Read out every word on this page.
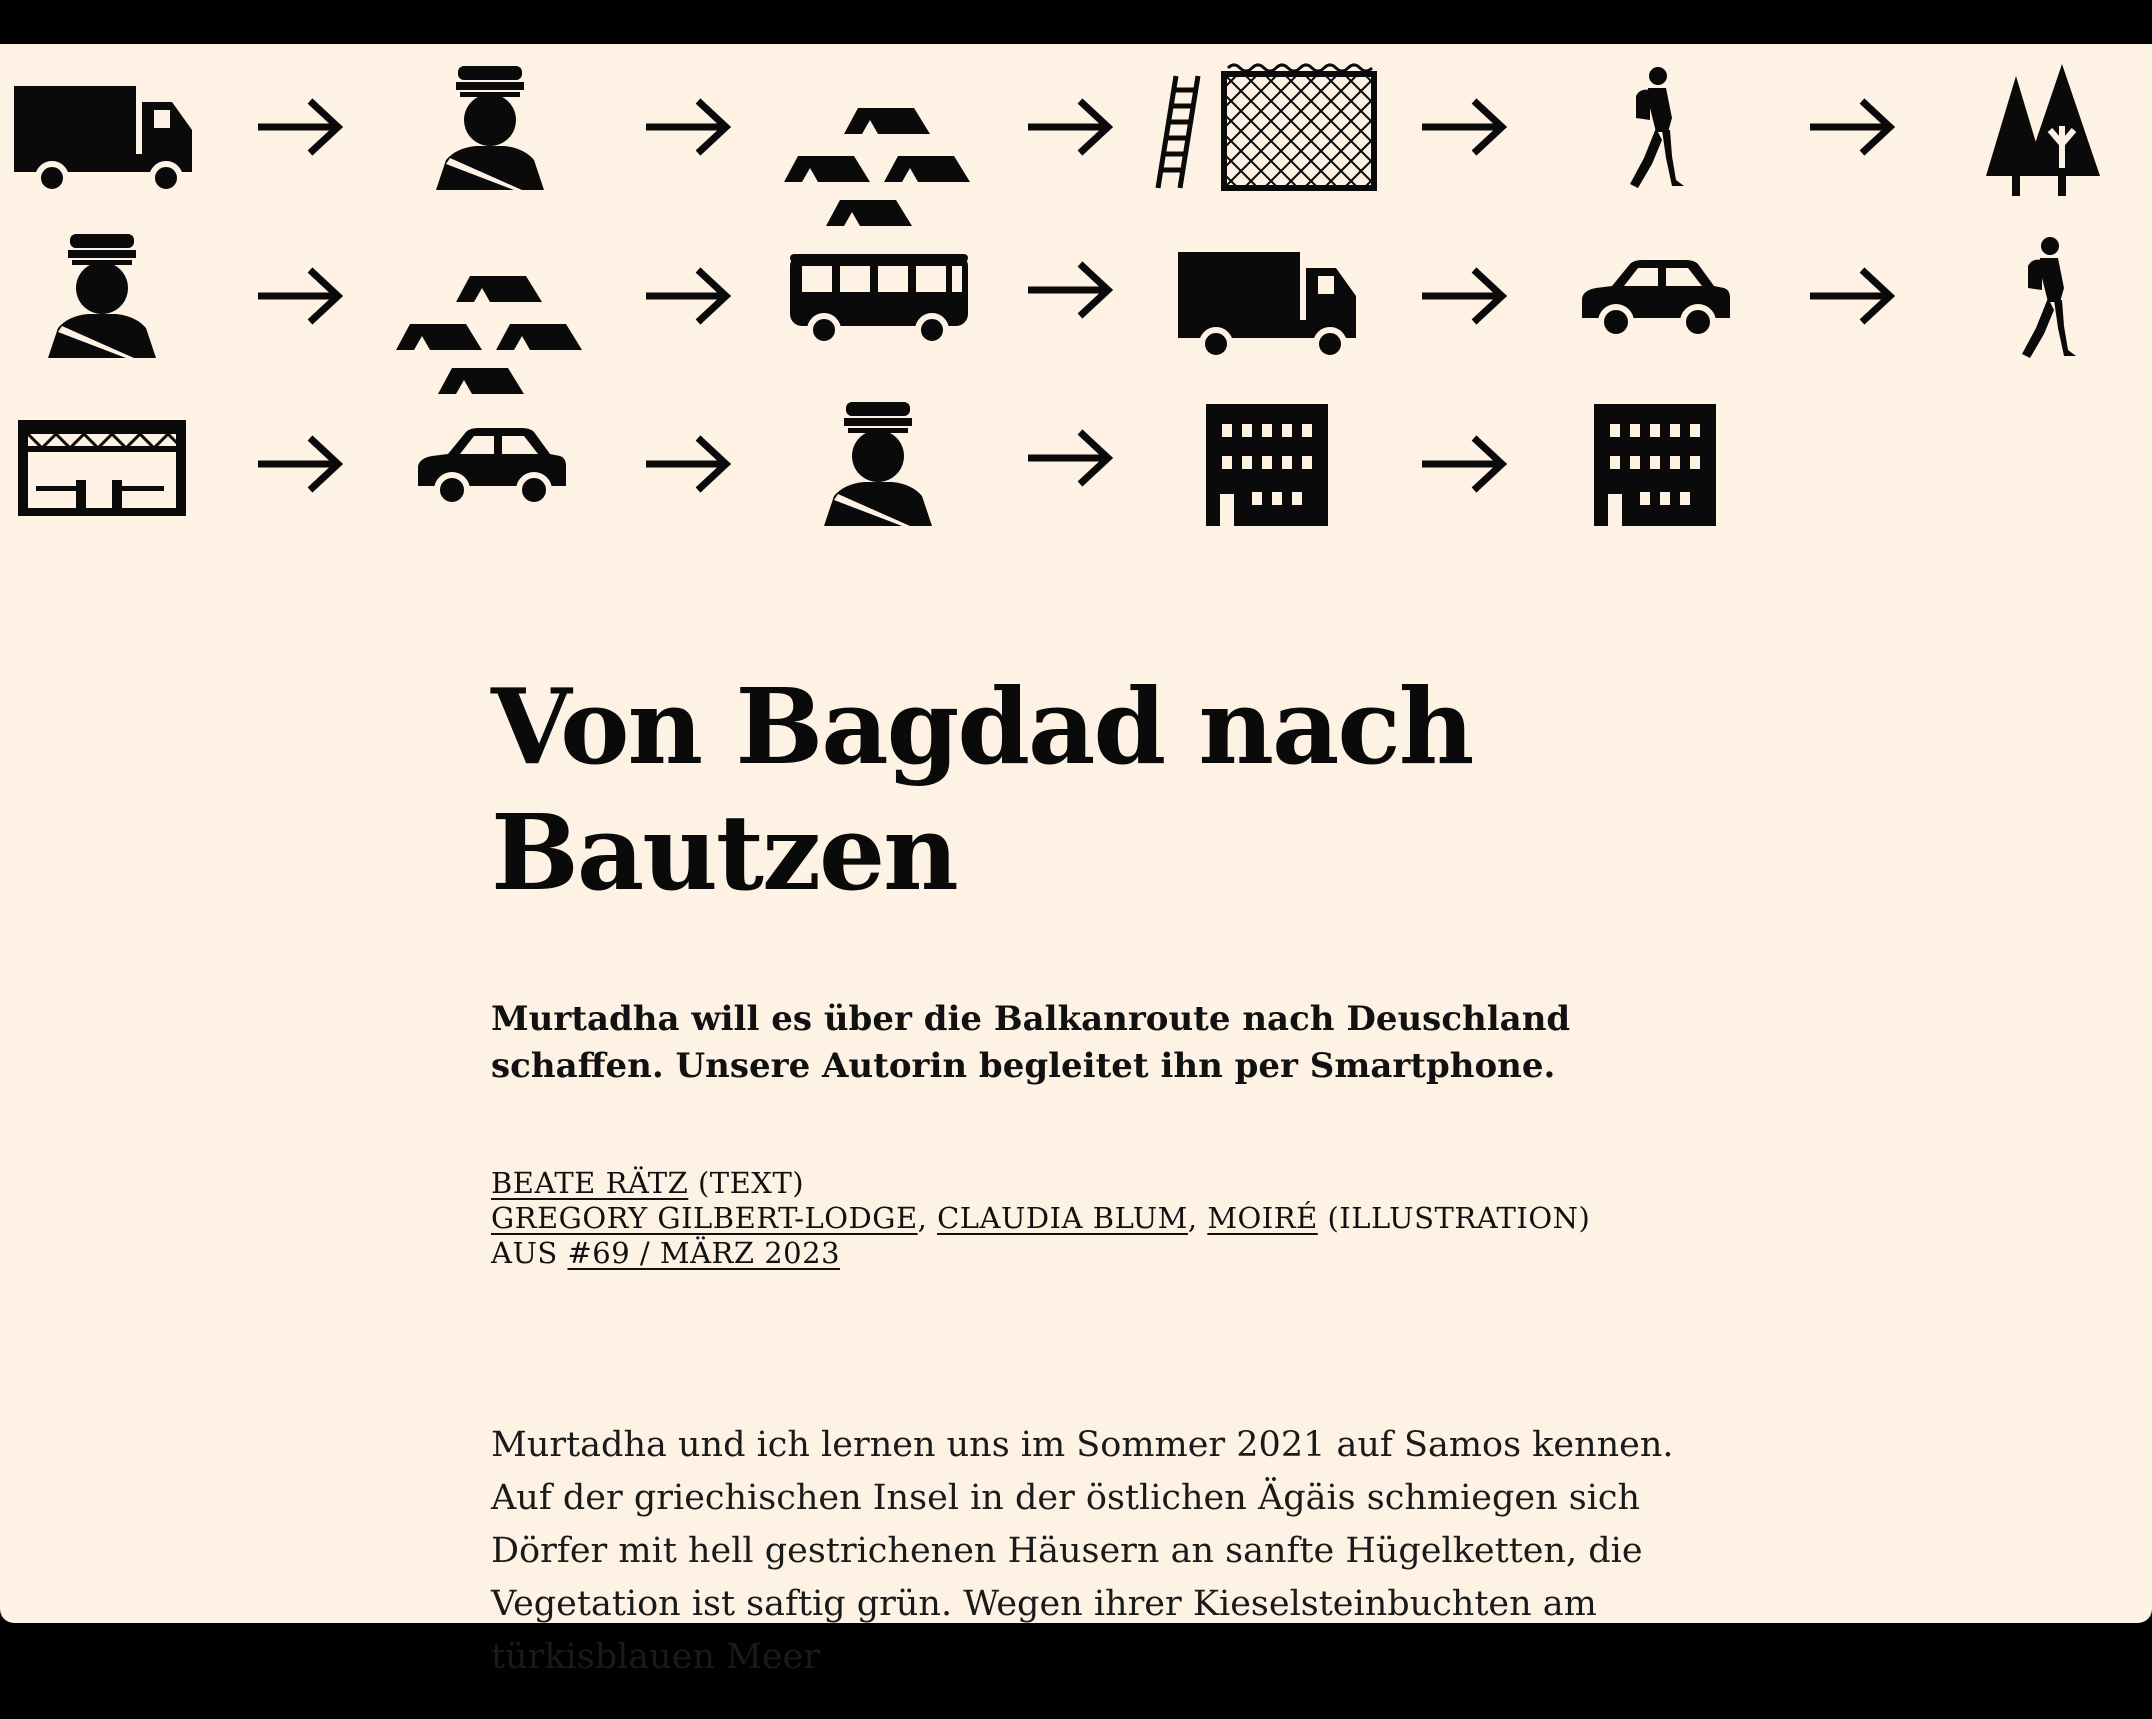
Von Bagdad nach Bautzen

Murtadha will es über die Balkanroute nach Deuschland schaffen. Unsere Autorin begleitet ihn per Smartphone.

BEATE RÄTZ (TEXT)
GREGORY GILBERT-LODGE, CLAUDIA BLUM, MOIRÉ (ILLUSTRATION)
AUS #69 / MÄRZ 2023

Murtadha und ich lernen uns im Sommer 2021 auf Samos kennen. Auf der griechischen Insel in der östlichen Ägäis schmiegen sich Dörfer mit hell gestrichenen Häusern an sanfte Hügelketten, die Vegetation ist saftig grün. Wegen ihrer Kieselsteinbuchten am türkisblauen Meer
